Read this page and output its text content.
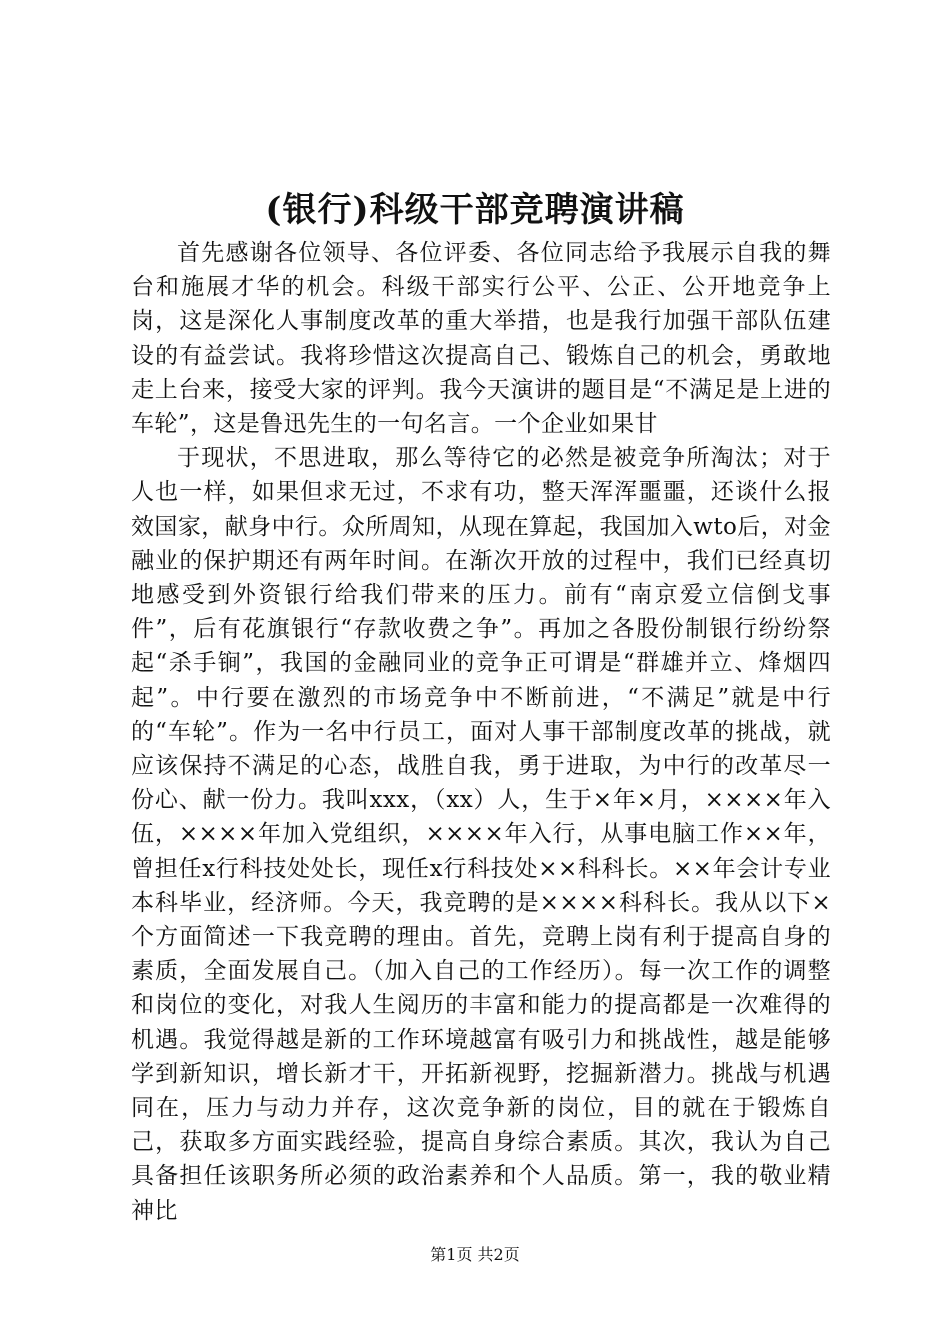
(银行)科级干部竞聘演讲稿

首先感谢各位领导、各位评委、各位同志给予我展示自我的舞台和施展才华的机会。科级干部实行公平、公正、公开地竞争上岗，这是深化人事制度改革的重大举措，也是我行加强干部队伍建设的有益尝试。我将珍惜这次提高自己、锻炼自己的机会，勇敢地走上台来，接受大家的评判。我今天演讲的题目是“不满足是上进的车轮”，这是鲁迅先生的一句名言。一个企业如果甘

于现状，不思进取，那么等待它的必然是被竞争所淘汰；对于人也一样，如果但求无过，不求有功，整天浑浑噩噩，还谈什么报效国家，献身中行。众所周知，从现在算起，我国加入wto后，对金融业的保护期还有两年时间。在渐次开放的过程中，我们已经真切地感受到外资银行给我们带来的压力。前有“南京爱立信倒戈事件”，后有花旗银行“存款收费之争”。再加之各股份制银行纷纷祭起“杀手锏”，我国的金融同业的竞争正可谓是“群雄并立、烽烟四起”。中行要在激烈的市场竞争中不断前进，“不满足”就是中行的“车轮”。作为一名中行员工，面对人事干部制度改革的挑战，就应该保持不满足的心态，战胜自我，勇于进取，为中行的改革尽一份心、献一份力。我叫xxx，（xx）人，生于×年×月，××××年入伍，××××年加入党组织，××××年入行，从事电脑工作××年，曾担任x行科技处处长，现任x行科技处××科科长。××年会计专业本科毕业，经济师。今天，我竞聘的是××××科科长。我从以下×个方面简述一下我竞聘的理由。首先，竞聘上岗有利于提高自身的素质，全面发展自己。（加入自己的工作经历）。每一次工作的调整和岗位的变化，对我人生阅历的丰富和能力的提高都是一次难得的机遇。我觉得越是新的工作环境越富有吸引力和挑战性，越是能够学到新知识，增长新才干，开拓新视野，挖掘新潜力。挑战与机遇同在，压力与动力并存，这次竞争新的岗位，目的就在于锻炼自己，获取多方面实践经验，提高自身综合素质。其次，我认为自己具备担任该职务所必须的政治素养和个人品质。第一，我的敬业精神比

第1页 共2页
